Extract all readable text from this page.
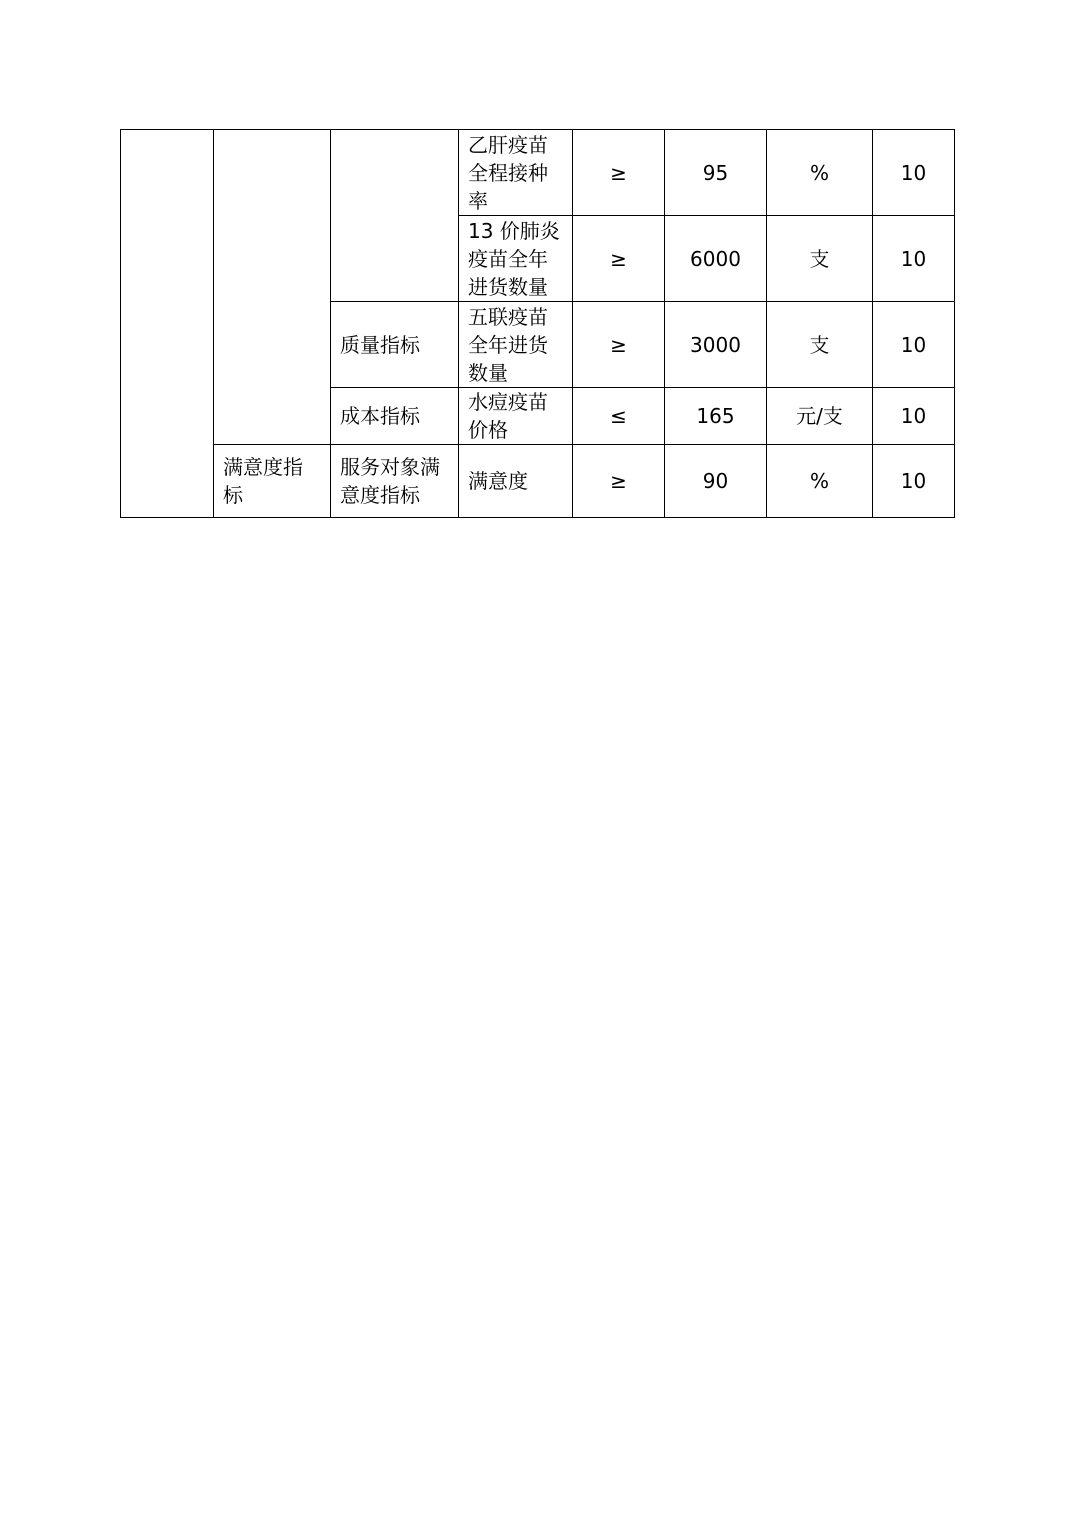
			乙肝疫苗全程接种率	≥	95	%	10
			13 价肺炎疫苗全年进货数量	≥	6000	支	10
		质量指标	五联疫苗全年进货数量	≥	3000	支	10
		成本指标	水痘疫苗价格	≤	165	元/支	10
	满意度指标	服务对象满意度指标	满意度	≥	90	%	10
